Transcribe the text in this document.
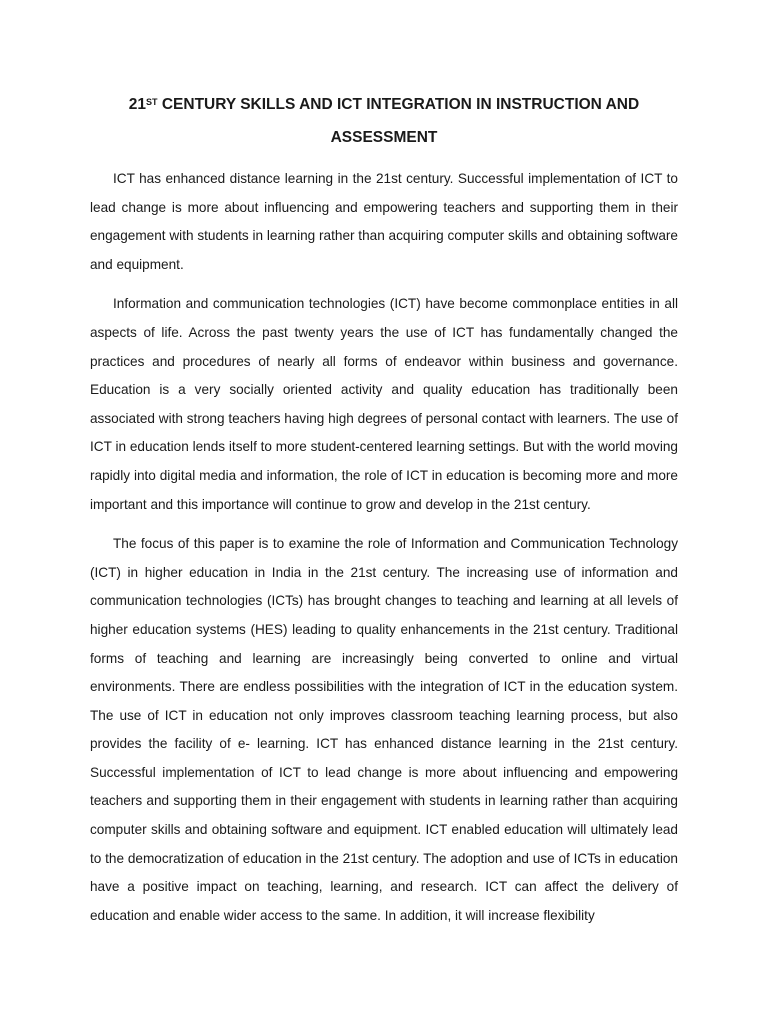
21ST CENTURY SKILLS AND ICT INTEGRATION IN INSTRUCTION AND ASSESSMENT

ICT has enhanced distance learning in the 21st century. Successful implementation of ICT to lead change is more about influencing and empowering teachers and supporting them in their engagement with students in learning rather than acquiring computer skills and obtaining software and equipment.

Information and communication technologies (ICT) have become commonplace entities in all aspects of life. Across the past twenty years the use of ICT has fundamentally changed the practices and procedures of nearly all forms of endeavor within business and governance. Education is a very socially oriented activity and quality education has traditionally been associated with strong teachers having high degrees of personal contact with learners. The use of ICT in education lends itself to more student-centered learning settings. But with the world moving rapidly into digital media and information, the role of ICT in education is becoming more and more important and this importance will continue to grow and develop in the 21st century.

The focus of this paper is to examine the role of Information and Communication Technology (ICT) in higher education in India in the 21st century. The increasing use of information and communication technologies (ICTs) has brought changes to teaching and learning at all levels of higher education systems (HES) leading to quality enhancements in the 21st century. Traditional forms of teaching and learning are increasingly being converted to online and virtual environments. There are endless possibilities with the integration of ICT in the education system. The use of ICT in education not only improves classroom teaching learning process, but also provides the facility of e- learning. ICT has enhanced distance learning in the 21st century. Successful implementation of ICT to lead change is more about influencing and empowering teachers and supporting them in their engagement with students in learning rather than acquiring computer skills and obtaining software and equipment. ICT enabled education will ultimately lead to the democratization of education in the 21st century. The adoption and use of ICTs in education have a positive impact on teaching, learning, and research. ICT can affect the delivery of education and enable wider access to the same. In addition, it will increase flexibility
